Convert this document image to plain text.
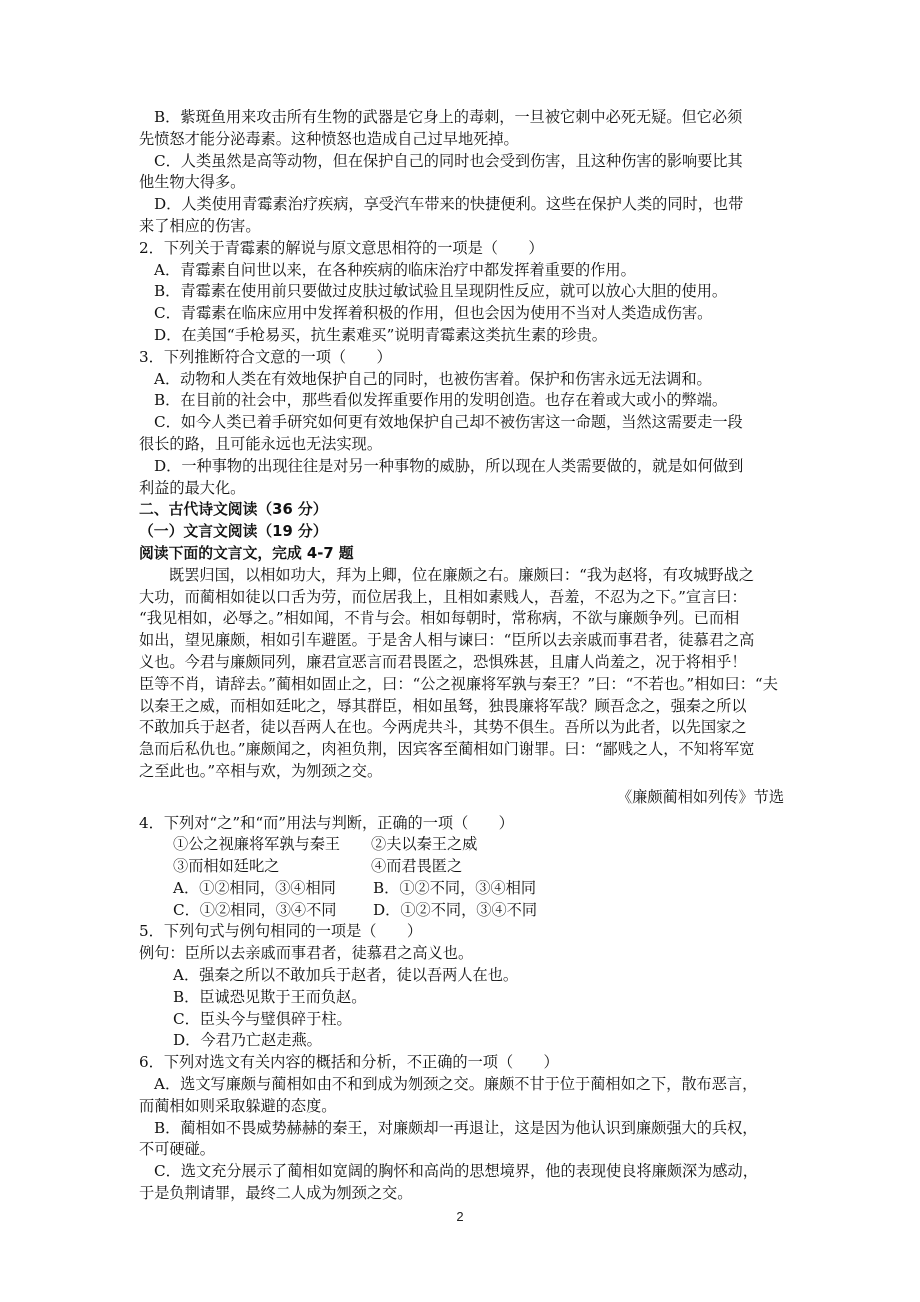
B．紫斑鱼用来攻击所有生物的武器是它身上的毒刺，一旦被它刺中必死无疑。但它必须

先愤怒才能分泌毒素。这种愤怒也造成自己过早地死掉。

C．人类虽然是高等动物，但在保护自己的同时也会受到伤害，且这种伤害的影响要比其

他生物大得多。

D．人类使用青霉素治疗疾病，享受汽车带来的快捷便利。这些在保护人类的同时，也带

来了相应的伤害。

2．下列关于青霉素的解说与原文意思相符的一项是（　　）

A．青霉素自问世以来，在各种疾病的临床治疗中都发挥着重要的作用。

B．青霉素在使用前只要做过皮肤过敏试验且呈现阴性反应，就可以放心大胆的使用。

C．青霉素在临床应用中发挥着积极的作用，但也会因为使用不当对人类造成伤害。

D．在美国“手枪易买，抗生素难买”说明青霉素这类抗生素的珍贵。

3．下列推断符合文意的一项（　　）

A．动物和人类在有效地保护自己的同时，也被伤害着。保护和伤害永远无法调和。

B．在目前的社会中，那些看似发挥重要作用的发明创造。也存在着或大或小的弊端。

C．如今人类已着手研究如何更有效地保护自己却不被伤害这一命题，当然这需要走一段

很长的路，且可能永远也无法实现。

D．一种事物的出现往往是对另一种事物的威胁，所以现在人类需要做的，就是如何做到

利益的最大化。

二、古代诗文阅读（36 分）

（一）文言文阅读（19 分）

阅读下面的文言文，完成 4-7 题

既罢归国，以相如功大，拜为上卿，位在廉颇之右。廉颇曰：“我为赵将，有攻城野战之

大功，而蔺相如徒以口舌为劳，而位居我上，且相如素贱人，吾羞，不忍为之下。”宣言曰：

“我见相如，必辱之。”相如闻，不肯与会。相如每朝时，常称病，不欲与廉颇争列。已而相

如出，望见廉颇，相如引车避匿。于是舍人相与谏曰：“臣所以去亲戚而事君者，徒慕君之高

义也。今君与廉颇同列，廉君宣恶言而君畏匿之，恐惧殊甚，且庸人尚羞之，况于将相乎！

臣等不肖，请辞去。”蔺相如固止之，曰：“公之视廉将军孰与秦王？”曰：“不若也。”相如曰：“夫

以秦王之威，而相如廷叱之，辱其群臣，相如虽驽，独畏廉将军哉？顾吾念之，强秦之所以

不敢加兵于赵者，徒以吾两人在也。今两虎共斗，其势不俱生。吾所以为此者，以先国家之

急而后私仇也。”廉颇闻之，肉袒负荆，因宾客至蔺相如门谢罪。曰：“鄙贱之人，不知将军宽

之至此也。”卒相与欢，为刎颈之交。

《廉颇蔺相如列传》节选

4．下列对“之”和“而”用法与判断，正确的一项（　　）

①公之视廉将军孰与秦王	②夫以秦王之威
③而相如廷叱之	④而君畏匿之
A．①②相同，③④相同	B．①②不同，③④相同
C．①②相同，③④不同	D．①②不同，③④不同

5．下列句式与例句相同的一项是（　　）

例句：臣所以去亲戚而事君者，徒慕君之高义也。

A．强秦之所以不敢加兵于赵者，徒以吾两人在也。

B．臣诚恐见欺于王而负赵。

C．臣头今与璧俱碎于柱。

D．今君乃亡赵走燕。

6．下列对选文有关内容的概括和分析，不正确的一项（　　）

A．选文写廉颇与蔺相如由不和到成为刎颈之交。廉颇不甘于位于蔺相如之下，散布恶言，

而蔺相如则采取躲避的态度。

B．蔺相如不畏威势赫赫的秦王，对廉颇却一再退让，这是因为他认识到廉颇强大的兵权，

不可硬碰。

C．选文充分展示了蔺相如宽阔的胸怀和高尚的思想境界，他的表现使良将廉颇深为感动，

于是负荆请罪，最终二人成为刎颈之交。

2
